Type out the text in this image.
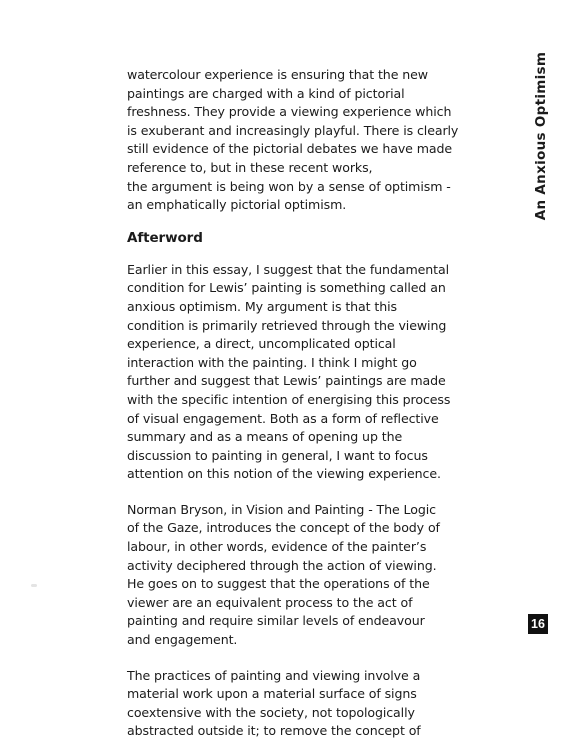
watercolour experience is ensuring that the new
paintings are charged with a kind of pictorial
freshness. They provide a viewing experience which
is exuberant and increasingly playful. There is clearly
still evidence of the pictorial debates we have made
reference to, but in these recent works,
the argument is being won by a sense of optimism -
an emphatically pictorial optimism.
Afterword
Earlier in this essay, I suggest that the fundamental
condition for Lewis’ painting is something called an
anxious optimism. My argument is that this
condition is primarily retrieved through the viewing
experience, a direct, uncomplicated optical
interaction with the painting. I think I might go
further and suggest that Lewis’ paintings are made
with the specific intention of energising this process
of visual engagement. Both as a form of reflective
summary and as a means of opening up the
discussion to painting in general, I want to focus
attention on this notion of the viewing experience.
Norman Bryson, in Vision and Painting - The Logic
of the Gaze, introduces the concept of the body of
labour, in other words, evidence of the painter’s
activity deciphered through the action of viewing.
He goes on to suggest that the operations of the
viewer are an equivalent process to the act of
painting and require similar levels of endeavour
and engagement.
The practices of painting and viewing involve a
material work upon a material surface of signs
coextensive with the society, not topologically
abstracted outside it; to remove the concept of
An Anxious Optimism
16
